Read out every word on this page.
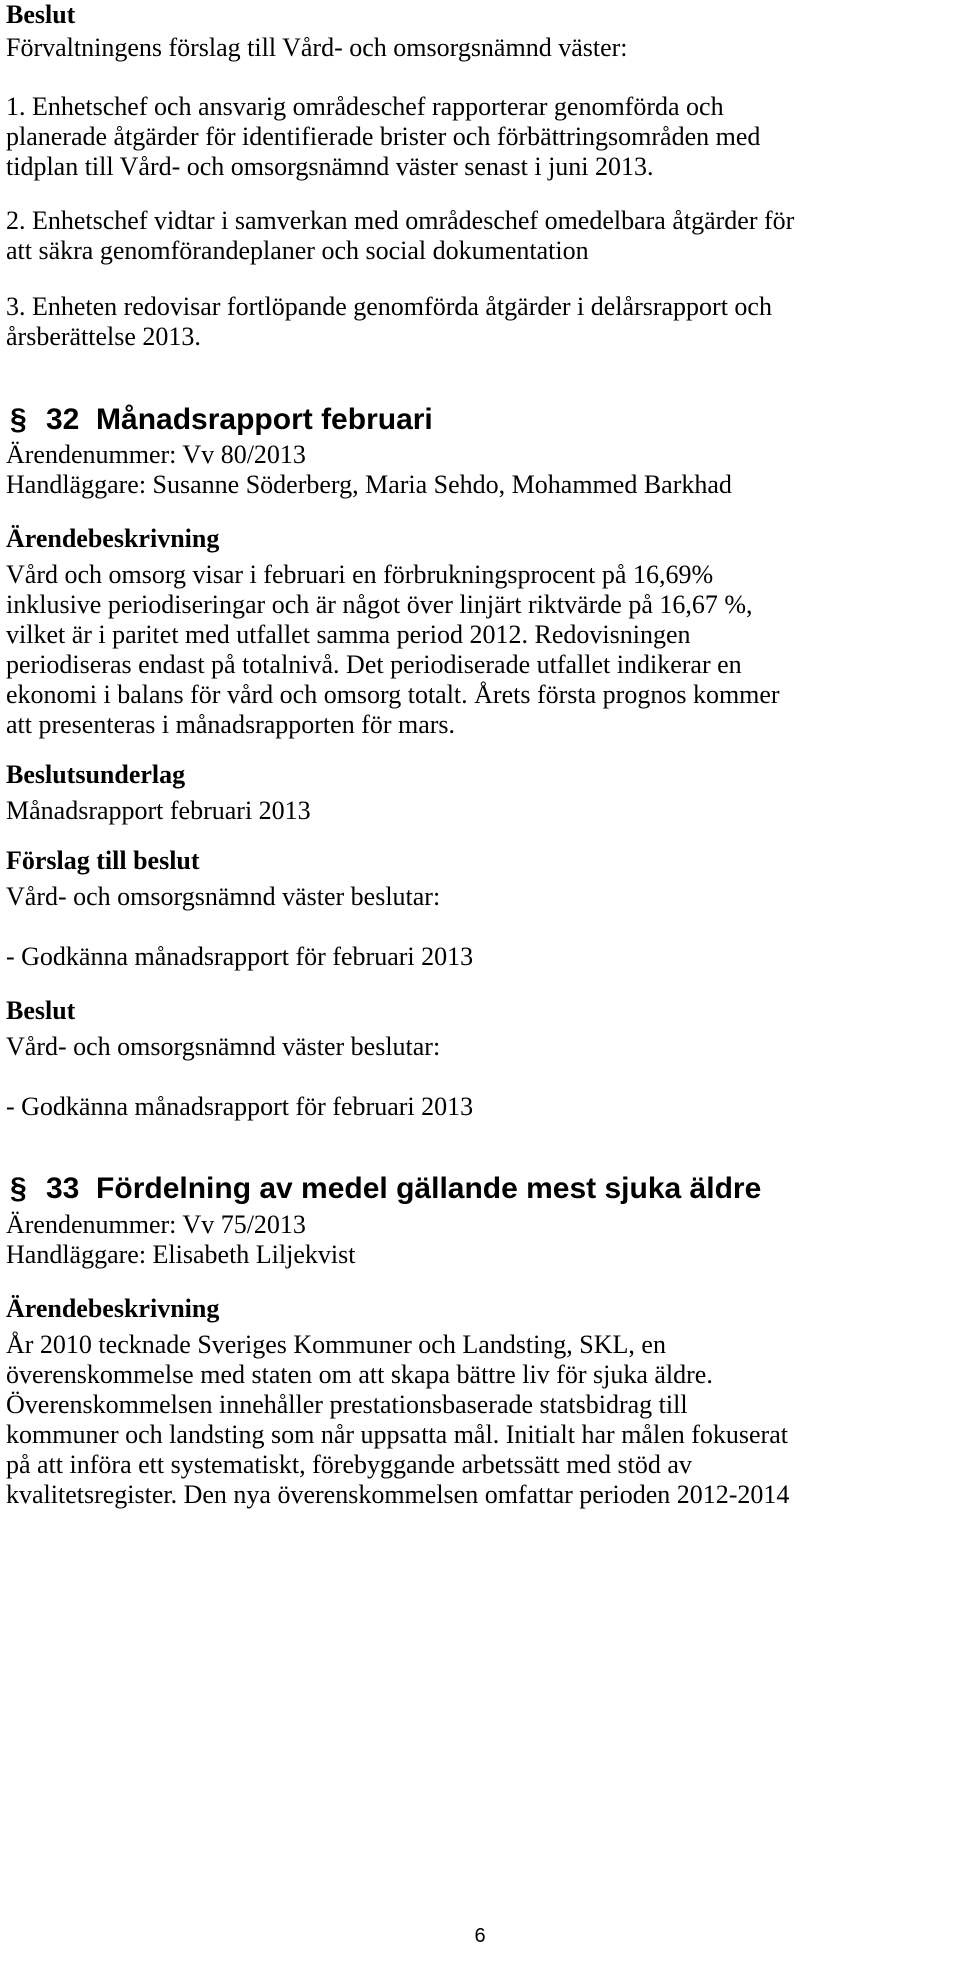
Beslut
Förvaltningens förslag till Vård- och omsorgsnämnd väster:
1. Enhetschef och ansvarig områdeschef rapporterar genomförda och
planerade åtgärder för identifierade brister och förbättringsområden med
tidplan till Vård- och omsorgsnämnd väster senast i juni 2013.
2. Enhetschef vidtar i samverkan med områdeschef omedelbara åtgärder för
att säkra genomförandeplaner och social dokumentation
3. Enheten redovisar fortlöpande genomförda åtgärder i delårsrapport och
årsberättelse 2013.
§ 32  Månadsrapport februari
Ärendenummer: Vv 80/2013
Handläggare: Susanne Söderberg, Maria Sehdo, Mohammed Barkhad
Ärendebeskrivning
Vård och omsorg visar i februari en förbrukningsprocent på 16,69%
inklusive periodiseringar och är något över linjärt riktvärde på 16,67 %,
vilket är i paritet med utfallet samma period 2012. Redovisningen
periodiseras endast på totalnivå. Det periodiserade utfallet indikerar en
ekonomi i balans för vård och omsorg totalt. Årets första prognos kommer
att presenteras i månadsrapporten för mars.
Beslutsunderlag
Månadsrapport februari 2013
Förslag till beslut
Vård- och omsorgsnämnd väster beslutar:
- Godkänna månadsrapport för februari 2013
Beslut
Vård- och omsorgsnämnd väster beslutar:
- Godkänna månadsrapport för februari 2013
§ 33  Fördelning av medel gällande mest sjuka äldre
Ärendenummer: Vv 75/2013
Handläggare: Elisabeth Liljekvist
Ärendebeskrivning
År 2010 tecknade Sveriges Kommuner och Landsting, SKL, en
överenskommelse med staten om att skapa bättre liv för sjuka äldre.
Överenskommelsen innehåller prestationsbaserade statsbidrag till
kommuner och landsting som når uppsatta mål. Initialt har målen fokuserat
på att införa ett systematiskt, förebyggande arbetssätt med stöd av
kvalitetsregister. Den nya överenskommelsen omfattar perioden 2012-2014
6
